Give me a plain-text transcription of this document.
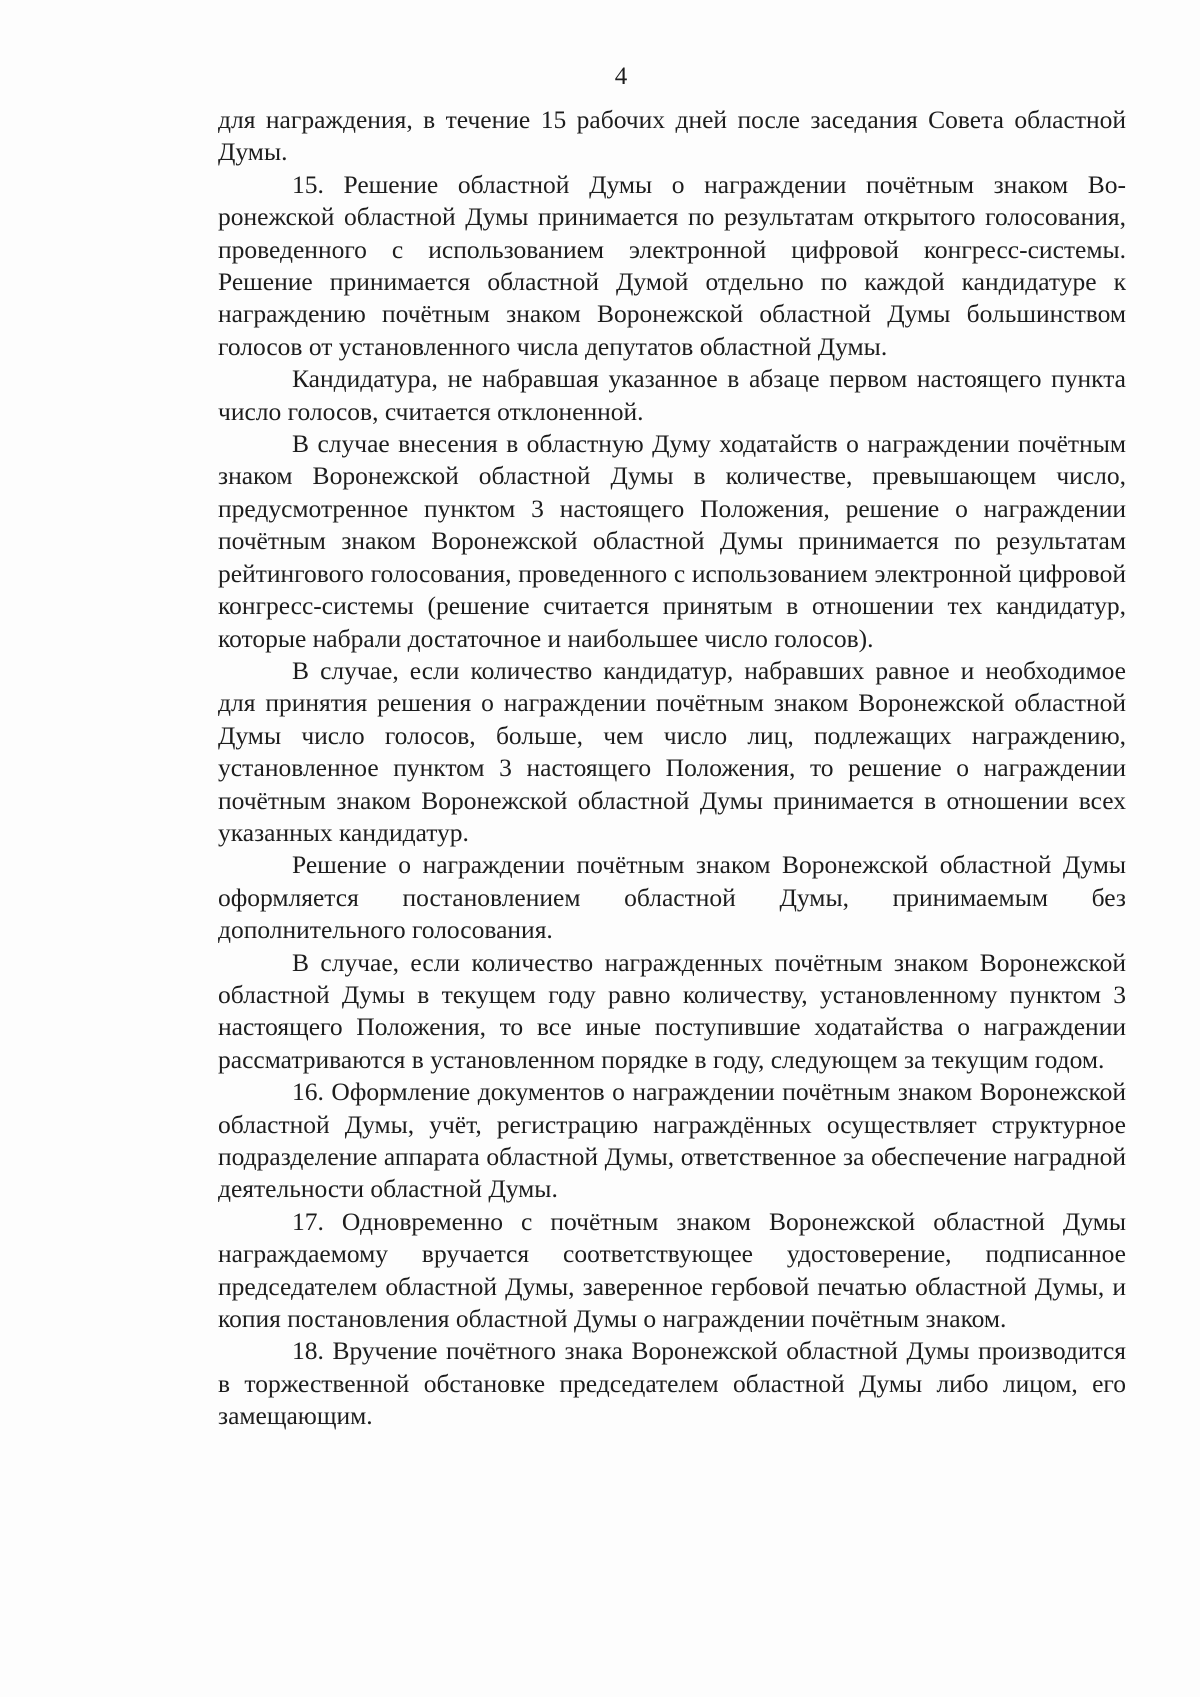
4

для награждения, в течение 15 рабочих дней после заседания Совета областной Думы.

15. Решение областной Думы о награждении почётным знаком Воронежской областной Думы принимается по результатам открытого голосования, проведенного с использованием электронной цифровой конгресс-системы. Решение принимается областной Думой отдельно по каждой кандидатуре к награждению почётным знаком Воронежской областной Думы большинством голосов от установленного числа депутатов областной Думы.

Кандидатура, не набравшая указанное в абзаце первом настоящего пункта число голосов, считается отклоненной.

В случае внесения в областную Думу ходатайств о награждении почётным знаком Воронежской областной Думы в количестве, превышающем число, предусмотренное пунктом 3 настоящего Положения, решение о награждении почётным знаком Воронежской областной Думы принимается по результатам рейтингового голосования, проведенного с использованием электронной цифровой конгресс-системы (решение считается принятым в отношении тех кандидатур, которые набрали достаточное и наибольшее число голосов).

В случае, если количество кандидатур, набравших равное и необходимое для принятия решения о награждении почётным знаком Воронежской областной Думы число голосов, больше, чем число лиц, подлежащих награждению, установленное пунктом 3 настоящего Положения, то решение о награждении почётным знаком Воронежской областной Думы принимается в отношении всех указанных кандидатур.

Решение о награждении почётным знаком Воронежской областной Думы оформляется постановлением областной Думы, принимаемым без дополнительного голосования.

В случае, если количество награжденных почётным знаком Воронежской областной Думы в текущем году равно количеству, установленному пунктом 3 настоящего Положения, то все иные поступившие ходатайства о награждении рассматриваются в установленном порядке в году, следующем за текущим годом.

16. Оформление документов о награждении почётным знаком Воронежской областной Думы, учёт, регистрацию награждённых осуществляет структурное подразделение аппарата областной Думы, ответственное за обеспечение наградной деятельности областной Думы.

17. Одновременно с почётным знаком Воронежской областной Думы награждаемому вручается соответствующее удостоверение, подписанное председателем областной Думы, заверенное гербовой печатью областной Думы, и копия постановления областной Думы о награждении почётным знаком.

18. Вручение почётного знака Воронежской областной Думы производится в торжественной обстановке председателем областной Думы либо лицом, его замещающим.
